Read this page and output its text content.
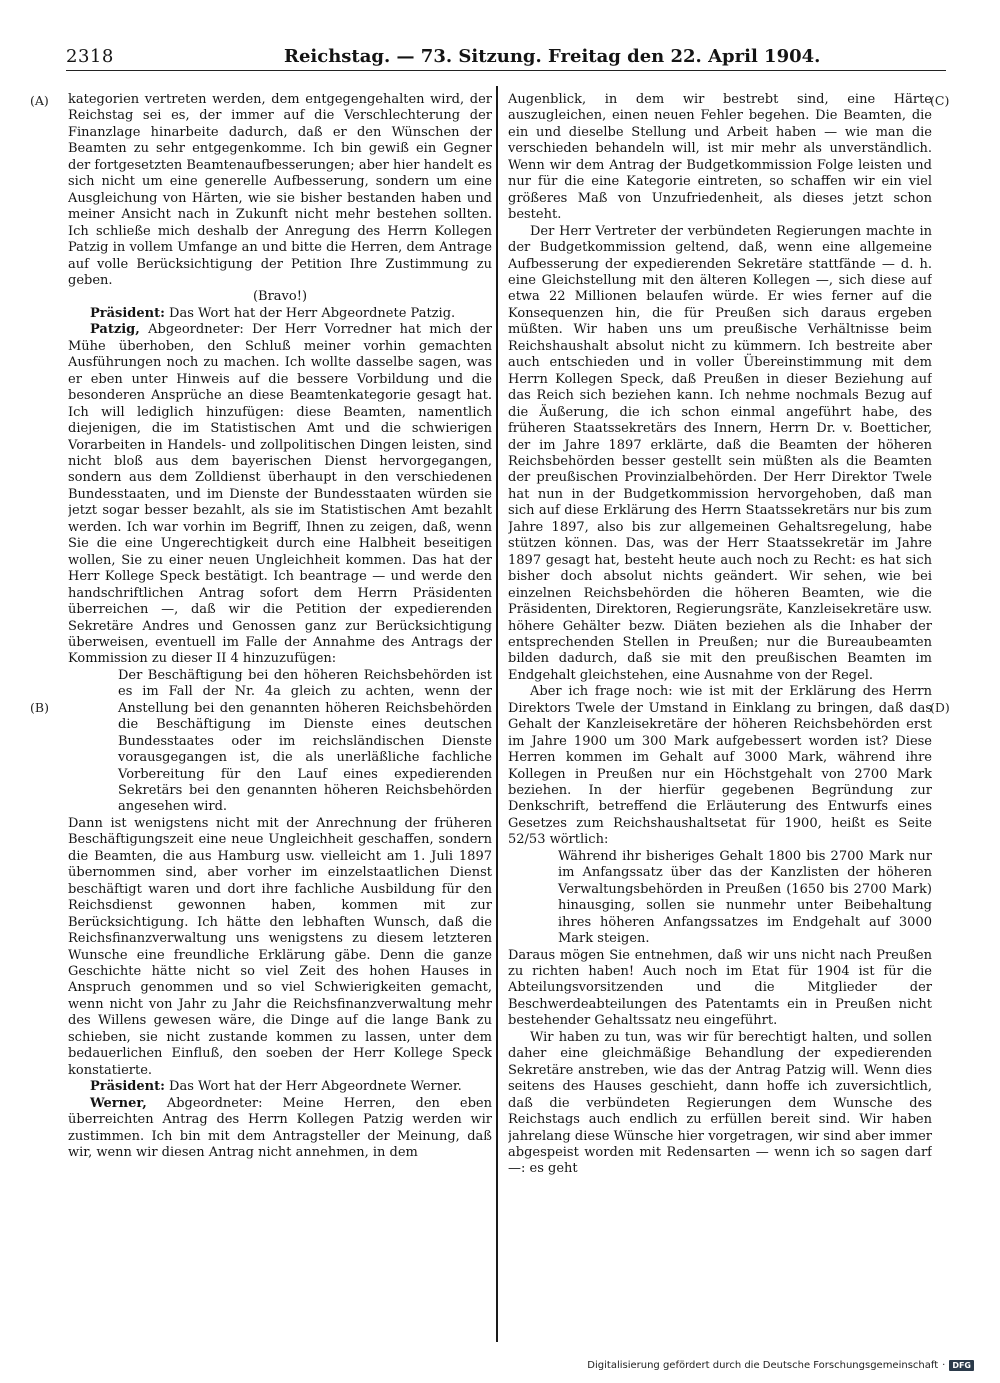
2318	Reichstag. — 73. Sitzung. Freitag den 22. April 1904.
(A)
(B)
(C)
(D)

kategorien vertreten werden, dem entgegengehalten wird, der Reichstag sei es, der immer auf die Verschlechterung der Finanzlage hinarbeite dadurch, daß er den Wünschen der Beamten zu sehr entgegenkomme. Ich bin gewiß ein Gegner der fortgesetzten Beamtenaufbesserungen; aber hier handelt es sich nicht um eine generelle Aufbesserung, sondern um eine Ausgleichung von Härten, wie sie bisher bestanden haben und meiner Ansicht nach in Zukunft nicht mehr bestehen sollten. Ich schließe mich deshalb der Anregung des Herrn Kollegen Patzig in vollem Umfange an und bitte die Herren, dem Antrage auf volle Berücksichtigung der Petition Ihre Zustimmung zu geben.

(Bravo!)

Präsident: Das Wort hat der Herr Abgeordnete Patzig.

Patzig, Abgeordneter: Der Herr Vorredner hat mich der Mühe überhoben, den Schluß meiner vorhin gemachten Ausführungen noch zu machen. Ich wollte dasselbe sagen, was er eben unter Hinweis auf die bessere Vorbildung und die besonderen Ansprüche an diese Beamtenkategorie gesagt hat. Ich will lediglich hinzufügen: diese Beamten, namentlich diejenigen, die im Statistischen Amt und die schwierigen Vorarbeiten in Handels- und zollpolitischen Dingen leisten, sind nicht bloß aus dem bayerischen Dienst hervorgegangen, sondern aus dem Zolldienst überhaupt in den verschiedenen Bundesstaaten, und im Dienste der Bundesstaaten würden sie jetzt sogar besser bezahlt, als sie im Statistischen Amt bezahlt werden. Ich war vorhin im Begriff, Ihnen zu zeigen, daß, wenn Sie die eine Ungerechtigkeit durch eine Halbheit beseitigen wollen, Sie zu einer neuen Ungleichheit kommen. Das hat der Herr Kollege Speck bestätigt. Ich beantrage — und werde den handschriftlichen Antrag sofort dem Herrn Präsidenten überreichen —, daß wir die Petition der expedierenden Sekretäre Andres und Genossen ganz zur Berücksichtigung überweisen, eventuell im Falle der Annahme des Antrags der Kommission zu dieser II 4 hinzuzufügen:

Der Beschäftigung bei den höheren Reichsbehörden ist es im Fall der Nr. 4a gleich zu achten, wenn der Anstellung bei den genannten höheren Reichsbehörden die Beschäftigung im Dienste eines deutschen Bundesstaates oder im reichsländischen Dienste vorausgegangen ist, die als unerläßliche fachliche Vorbereitung für den Lauf eines expedierenden Sekretärs bei den genannten höheren Reichsbehörden angesehen wird.

Dann ist wenigstens nicht mit der Anrechnung der früheren Beschäftigungszeit eine neue Ungleichheit geschaffen, sondern die Beamten, die aus Hamburg usw. vielleicht am 1. Juli 1897 übernommen sind, aber vorher im einzelstaatlichen Dienst beschäftigt waren und dort ihre fachliche Ausbildung für den Reichsdienst gewonnen haben, kommen mit zur Berücksichtigung. Ich hätte den lebhaften Wunsch, daß die Reichsfinanzverwaltung uns wenigstens zu diesem letzteren Wunsche eine freundliche Erklärung gäbe. Denn die ganze Geschichte hätte nicht so viel Zeit des hohen Hauses in Anspruch genommen und so viel Schwierigkeiten gemacht, wenn nicht von Jahr zu Jahr die Reichsfinanzverwaltung mehr des Willens gewesen wäre, die Dinge auf die lange Bank zu schieben, sie nicht zustande kommen zu lassen, unter dem bedauerlichen Einfluß, den soeben der Herr Kollege Speck konstatierte.

Präsident: Das Wort hat der Herr Abgeordnete Werner.

Werner, Abgeordneter: Meine Herren, den eben überreichten Antrag des Herrn Kollegen Patzig werden wir zustimmen. Ich bin mit dem Antragsteller der Meinung, daß wir, wenn wir diesen Antrag nicht annehmen, in dem

Augenblick, in dem wir bestrebt sind, eine Härte auszugleichen, einen neuen Fehler begehen. Die Beamten, die ein und dieselbe Stellung und Arbeit haben — wie man die verschieden behandeln will, ist mir mehr als unverständlich. Wenn wir dem Antrag der Budgetkommission Folge leisten und nur für die eine Kategorie eintreten, so schaffen wir ein viel größeres Maß von Unzufriedenheit, als dieses jetzt schon besteht.

Der Herr Vertreter der verbündeten Regierungen machte in der Budgetkommission geltend, daß, wenn eine allgemeine Aufbesserung der expedierenden Sekretäre stattfände — d. h. eine Gleichstellung mit den älteren Kollegen —, sich diese auf etwa 22 Millionen belaufen würde. Er wies ferner auf die Konsequenzen hin, die für Preußen sich daraus ergeben müßten. Wir haben uns um preußische Verhältnisse beim Reichshaushalt absolut nicht zu kümmern. Ich bestreite aber auch entschieden und in voller Übereinstimmung mit dem Herrn Kollegen Speck, daß Preußen in dieser Beziehung auf das Reich sich beziehen kann. Ich nehme nochmals Bezug auf die Äußerung, die ich schon einmal angeführt habe, des früheren Staatssekretärs des Innern, Herrn Dr. v. Boetticher, der im Jahre 1897 erklärte, daß die Beamten der höheren Reichsbehörden besser gestellt sein müßten als die Beamten der preußischen Provinzialbehörden. Der Herr Direktor Twele hat nun in der Budgetkommission hervorgehoben, daß man sich auf diese Erklärung des Herrn Staatssekretärs nur bis zum Jahre 1897, also bis zur allgemeinen Gehaltsregelung, habe stützen können. Das, was der Herr Staatssekretär im Jahre 1897 gesagt hat, besteht heute auch noch zu Recht: es hat sich bisher doch absolut nichts geändert. Wir sehen, wie bei einzelnen Reichsbehörden die höheren Beamten, wie die Präsidenten, Direktoren, Regierungsräte, Kanzleisekretäre usw. höhere Gehälter bezw. Diäten beziehen als die Inhaber der entsprechenden Stellen in Preußen; nur die Bureaubeamten bilden dadurch, daß sie mit den preußischen Beamten im Endgehalt gleichstehen, eine Ausnahme von der Regel.

Aber ich frage noch: wie ist mit der Erklärung des Herrn Direktors Twele der Umstand in Einklang zu bringen, daß das Gehalt der Kanzleisekretäre der höheren Reichsbehörden erst im Jahre 1900 um 300 Mark aufgebessert worden ist? Diese Herren kommen im Gehalt auf 3000 Mark, während ihre Kollegen in Preußen nur ein Höchstgehalt von 2700 Mark beziehen. In der hierfür gegebenen Begründung zur Denkschrift, betreffend die Erläuterung des Entwurfs eines Gesetzes zum Reichshaushaltsetat für 1900, heißt es Seite 52/53 wörtlich:

Während ihr bisheriges Gehalt 1800 bis 2700 Mark nur im Anfangssatz über das der Kanzlisten der höheren Verwaltungsbehörden in Preußen (1650 bis 2700 Mark) hinausging, sollen sie nunmehr unter Beibehaltung ihres höheren Anfangssatzes im Endgehalt auf 3000 Mark steigen.

Daraus mögen Sie entnehmen, daß wir uns nicht nach Preußen zu richten haben! Auch noch im Etat für 1904 ist für die Abteilungsvorsitzenden und die Mitglieder der Beschwerdeabteilungen des Patentamts ein in Preußen nicht bestehender Gehaltssatz neu eingeführt.

Wir haben zu tun, was wir für berechtigt halten, und sollen daher eine gleichmäßige Behandlung der expedierenden Sekretäre anstreben, wie das der Antrag Patzig will. Wenn dies seitens des Hauses geschieht, dann hoffe ich zuversichtlich, daß die verbündeten Regierungen dem Wunsche des Reichstags auch endlich zu erfüllen bereit sind. Wir haben jahrelang diese Wünsche hier vorgetragen, wir sind aber immer abgespeist worden mit Redensarten — wenn ich so sagen darf —: es geht

Digitalisierung gefördert durch die Deutsche Forschungsgemeinschaft · DFG
